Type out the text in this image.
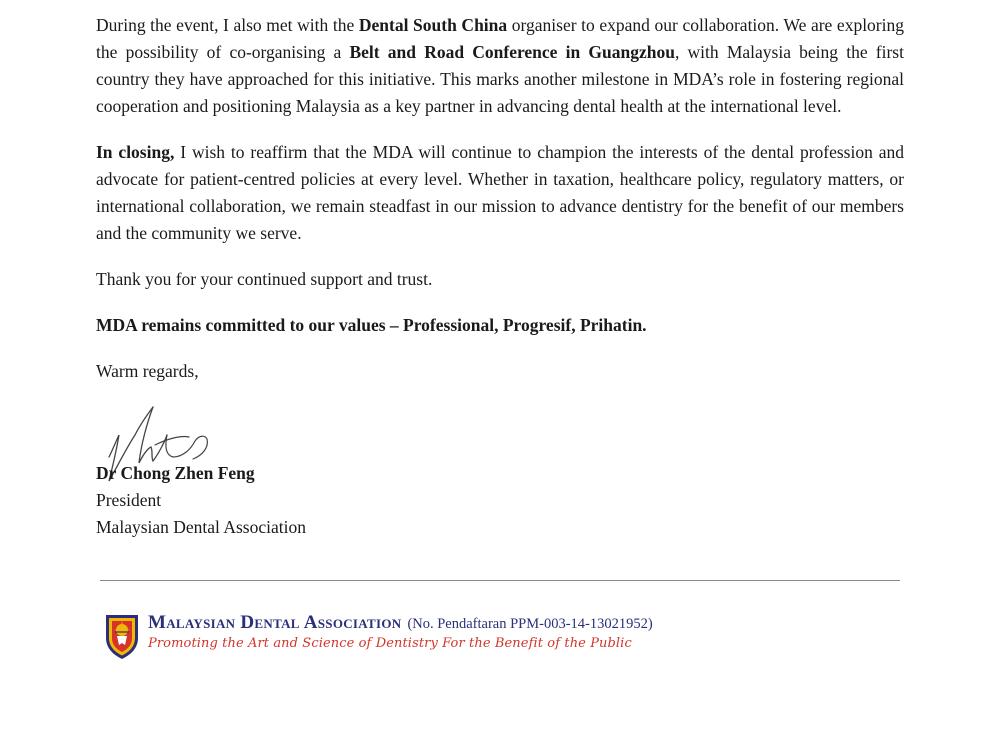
During the event, I also met with the Dental South China organiser to expand our collaboration. We are exploring the possibility of co-organising a Belt and Road Conference in Guangzhou, with Malaysia being the first country they have approached for this initiative. This marks another milestone in MDA’s role in fostering regional cooperation and positioning Malaysia as a key partner in advancing dental health at the international level.

In closing, I wish to reaffirm that the MDA will continue to champion the interests of the dental profession and advocate for patient-centred policies at every level. Whether in taxation, healthcare policy, regulatory matters, or international collaboration, we remain steadfast in our mission to advance dentistry for the benefit of our members and the community we serve.

Thank you for your continued support and trust.

MDA remains committed to our values – Professional, Progresif, Prihatin.

Warm regards,

Dr Chong Zhen Feng
President
Malaysian Dental Association
Malaysian Dental Association (No. Pendaftaran PPM-003-14-13021952)
Promoting the Art and Science of Dentistry For the Benefit of the Public
